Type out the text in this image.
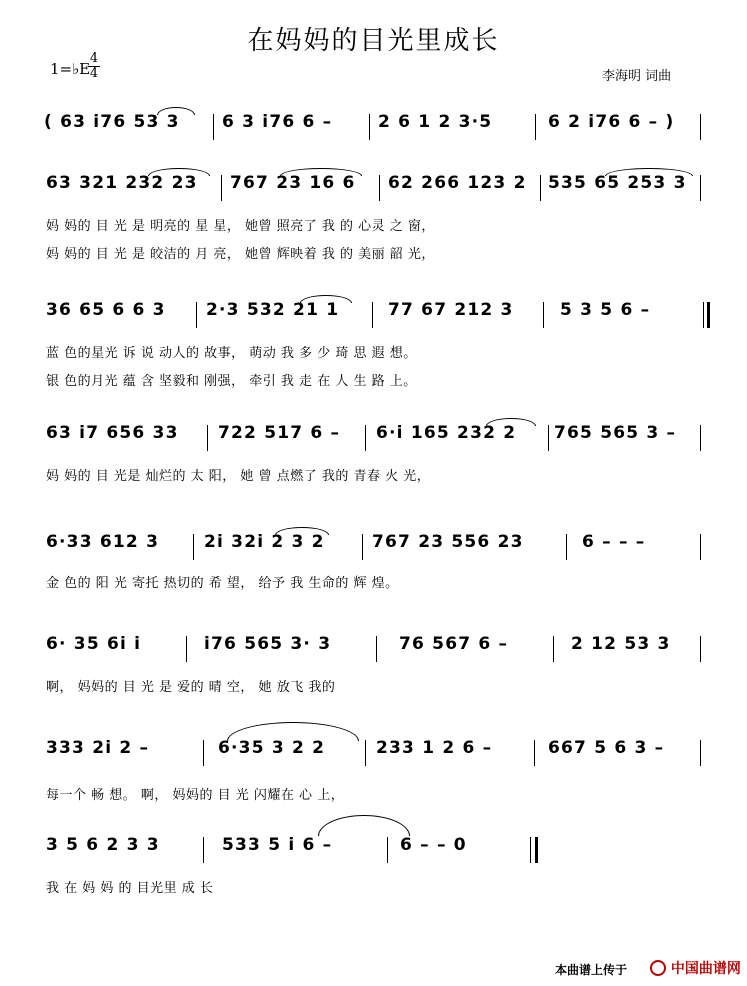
在妈妈的目光里成长
1=♭E
4
4	李海明 词曲
( 63 i76 53 3 6 3 i76 6 –	2 6 1 2 3·5	6 2 i76 6 – )
63 321 232 23 767 23 16 6 62 266 123 2 535 65 253 3
妈 妈的 目 光 是 明亮的 星 星， 她曾 照亮了 我 的 心灵 之 窗，
妈 妈的 目 光 是 皎洁的 月 亮， 她曾 辉映着 我 的 美丽 韶 光，
36 65 6 6 3 2·3 532 21 1	77 67 212 3	5 3 5 6 –
蓝 色的星光 诉 说 动人的 故事， 萌动 我 多 少 琦 思 遐 想。
银 色的月光 蕴 含 坚毅和 刚强， 牵引 我 走 在 人 生 路 上。
63 i7 656 33 722 517 6 – 6·i 165 232 2 765 565 3 –
妈 妈的 目 光是 灿烂的 太 阳， 她 曾 点燃了 我的 青春 火 光，
6·33 612 3	2i 32i 2 3 2	767 23 556 23	6 – – –
金 色的 阳 光 寄托 热切的 希 望， 给予 我 生命的 辉 煌。
6· 35 6i i	i76 565 3· 3	76 567 6 –	2 12 53 3
啊， 妈妈的 目 光 是 爱的 晴 空， 她 放飞 我的
333 2i 2 –	6·35 3 2 2	233 1 2 6 –	667 5 6 3 –
每一个 畅 想。 啊， 妈妈的 目 光 闪耀在 心 上，
3 5 6 2 3 3	533 5 i 6 –	6 – – 0
我 在 妈 妈 的 目光里 成 长
本曲谱上传于	中国曲谱网
